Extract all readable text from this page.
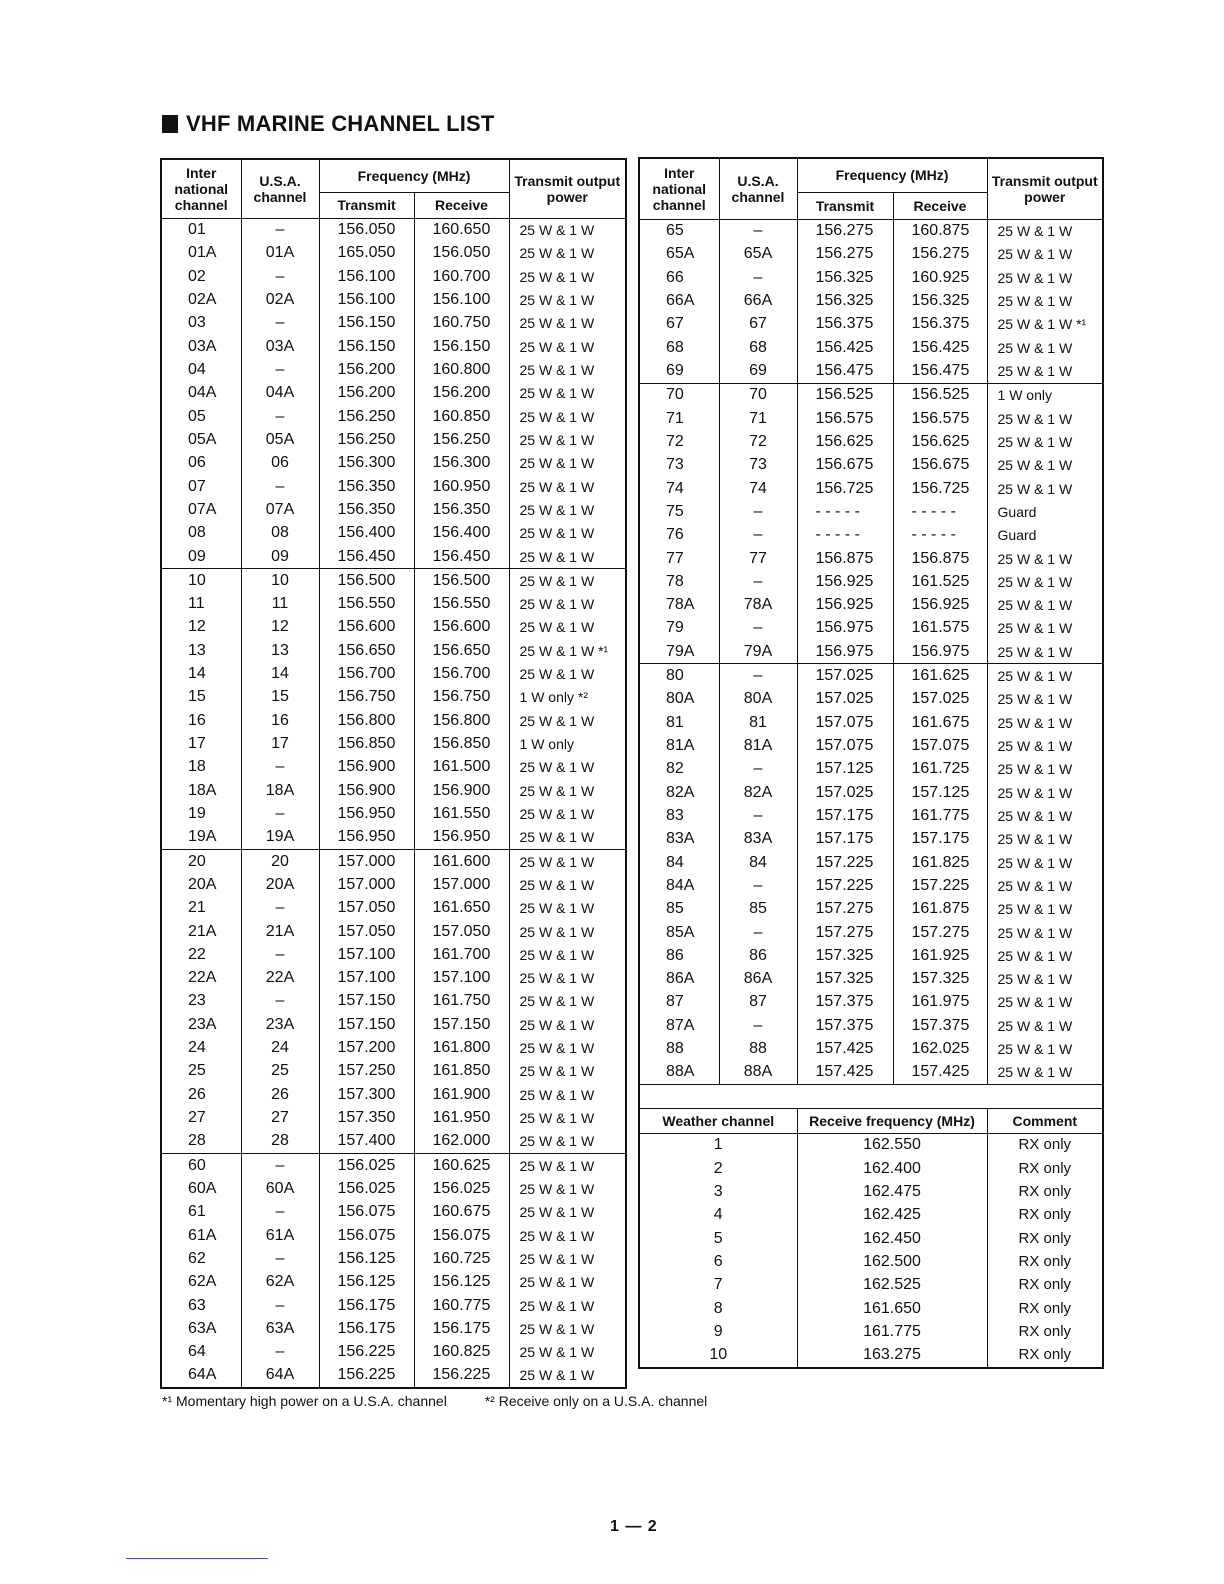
VHF MARINE CHANNEL LIST
Inter national channel	U.S.A. channel	Frequency (MHz)		Transmit output power
		Transmit	Receive	
01	–	156.050	160.650	25 W & 1 W
01A	01A	165.050	156.050	25 W & 1 W
02	–	156.100	160.700	25 W & 1 W
02A	02A	156.100	156.100	25 W & 1 W
03	–	156.150	160.750	25 W & 1 W
03A	03A	156.150	156.150	25 W & 1 W
04	–	156.200	160.800	25 W & 1 W
04A	04A	156.200	156.200	25 W & 1 W
05	–	156.250	160.850	25 W & 1 W
05A	05A	156.250	156.250	25 W & 1 W
06	06	156.300	156.300	25 W & 1 W
07	–	156.350	160.950	25 W & 1 W
07A	07A	156.350	156.350	25 W & 1 W
08	08	156.400	156.400	25 W & 1 W
09	09	156.450	156.450	25 W & 1 W
10	10	156.500	156.500	25 W & 1 W
11	11	156.550	156.550	25 W & 1 W
12	12	156.600	156.600	25 W & 1 W
13	13	156.650	156.650	25 W & 1 W *¹
14	14	156.700	156.700	25 W & 1 W
15	15	156.750	156.750	1 W only *²
16	16	156.800	156.800	25 W & 1 W
17	17	156.850	156.850	1 W only
18	–	156.900	161.500	25 W & 1 W
18A	18A	156.900	156.900	25 W & 1 W
19	–	156.950	161.550	25 W & 1 W
19A	19A	156.950	156.950	25 W & 1 W
20	20	157.000	161.600	25 W & 1 W
20A	20A	157.000	157.000	25 W & 1 W
21	–	157.050	161.650	25 W & 1 W
21A	21A	157.050	157.050	25 W & 1 W
22	–	157.100	161.700	25 W & 1 W
22A	22A	157.100	157.100	25 W & 1 W
23	–	157.150	161.750	25 W & 1 W
23A	23A	157.150	157.150	25 W & 1 W
24	24	157.200	161.800	25 W & 1 W
25	25	157.250	161.850	25 W & 1 W
26	26	157.300	161.900	25 W & 1 W
27	27	157.350	161.950	25 W & 1 W
28	28	157.400	162.000	25 W & 1 W
60	–	156.025	160.625	25 W & 1 W
60A	60A	156.025	156.025	25 W & 1 W
61	–	156.075	160.675	25 W & 1 W
61A	61A	156.075	156.075	25 W & 1 W
62	–	156.125	160.725	25 W & 1 W
62A	62A	156.125	156.125	25 W & 1 W
63	–	156.175	160.775	25 W & 1 W
63A	63A	156.175	156.175	25 W & 1 W
64	–	156.225	160.825	25 W & 1 W
64A	64A	156.225	156.225	25 W & 1 W
Inter national channel	U.S.A. channel	Frequency (MHz)		Transmit output power
		Transmit	Receive	
65	–	156.275	160.875	25 W & 1 W
65A	65A	156.275	156.275	25 W & 1 W
66	–	156.325	160.925	25 W & 1 W
66A	66A	156.325	156.325	25 W & 1 W
67	67	156.375	156.375	25 W & 1 W *¹
68	68	156.425	156.425	25 W & 1 W
69	69	156.475	156.475	25 W & 1 W
70	70	156.525	156.525	1 W only
71	71	156.575	156.575	25 W & 1 W
72	72	156.625	156.625	25 W & 1 W
73	73	156.675	156.675	25 W & 1 W
74	74	156.725	156.725	25 W & 1 W
75	–	- - - - -	- - - - -	Guard
76	–	- - - - -	- - - - -	Guard
77	77	156.875	156.875	25 W & 1 W
78	–	156.925	161.525	25 W & 1 W
78A	78A	156.925	156.925	25 W & 1 W
79	–	156.975	161.575	25 W & 1 W
79A	79A	156.975	156.975	25 W & 1 W
80	–	157.025	161.625	25 W & 1 W
80A	80A	157.025	157.025	25 W & 1 W
81	81	157.075	161.675	25 W & 1 W
81A	81A	157.075	157.075	25 W & 1 W
82	–	157.125	161.725	25 W & 1 W
82A	82A	157.025	157.125	25 W & 1 W
83	–	157.175	161.775	25 W & 1 W
83A	83A	157.175	157.175	25 W & 1 W
84	84	157.225	161.825	25 W & 1 W
84A	–	157.225	157.225	25 W & 1 W
85	85	157.275	161.875	25 W & 1 W
85A	–	157.275	157.275	25 W & 1 W
86	86	157.325	161.925	25 W & 1 W
86A	86A	157.325	157.325	25 W & 1 W
87	87	157.375	161.975	25 W & 1 W
87A	–	157.375	157.375	25 W & 1 W
88	88	157.425	162.025	25 W & 1 W
88A	88A	157.425	157.425	25 W & 1 W

Weather channel		Receive frequency (MHz)		Comment
1		162.550		RX only
2		162.400		RX only
3		162.475		RX only
4		162.425		RX only
5		162.450		RX only
6		162.500		RX only
7		162.525		RX only
8		161.650		RX only
9		161.775		RX only
10		163.275		RX only
*¹ Momentary high power on a U.S.A. channel	*² Receive only on a U.S.A. channel
1 — 2
